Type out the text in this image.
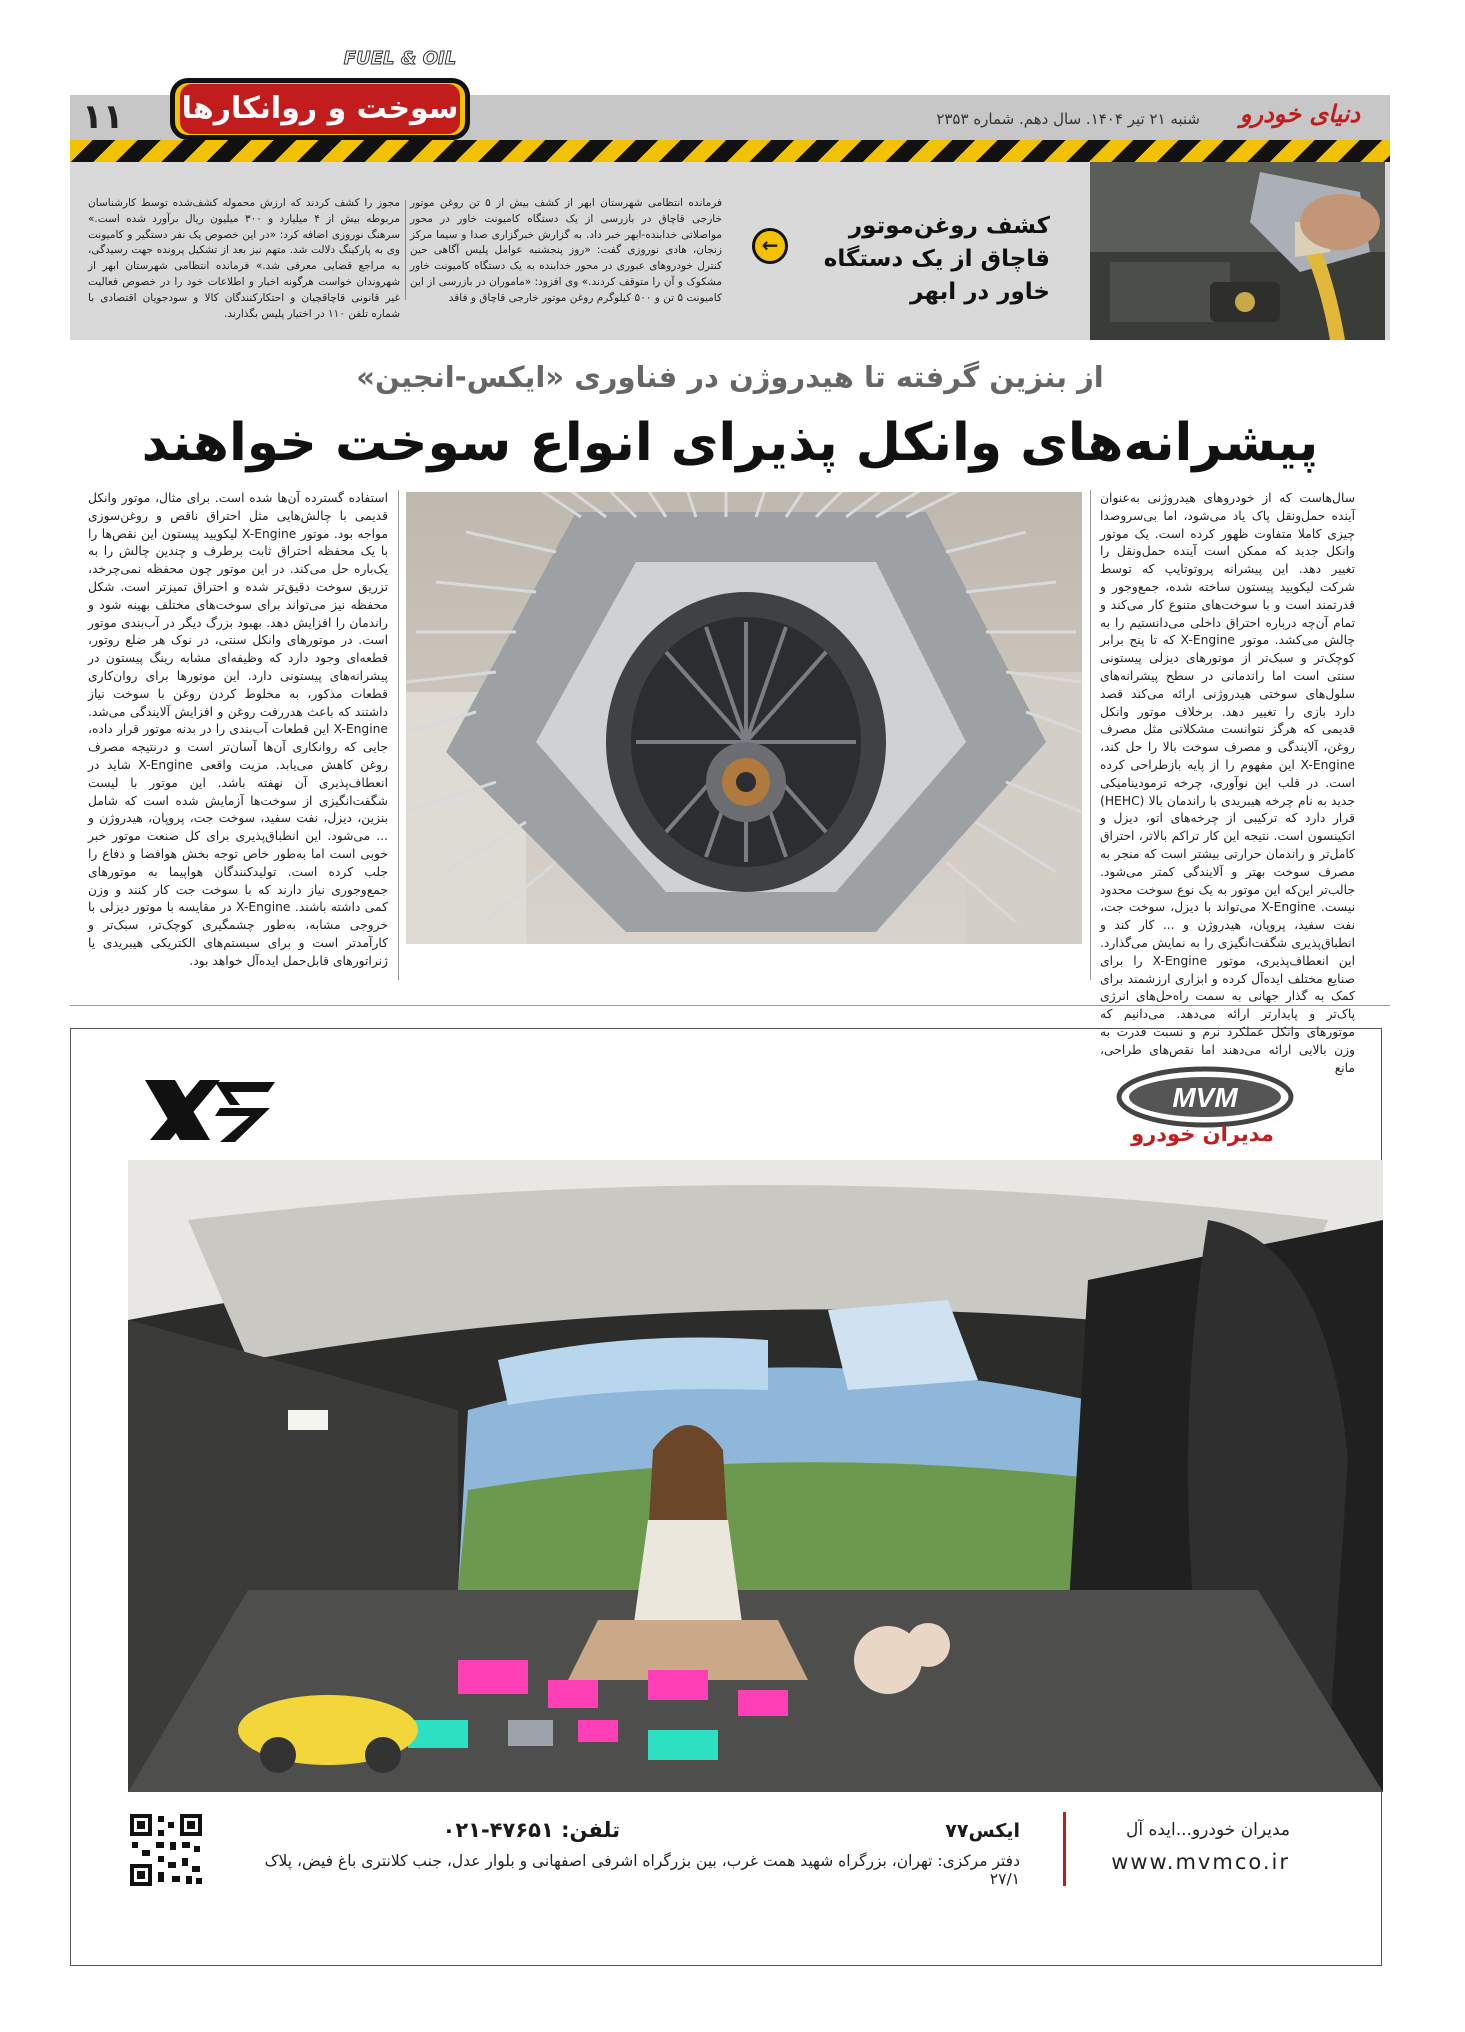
۱۱	سوخت و روانکارها
FUEL & OIL
شنبه ۲۱ تیر ۱۴۰۴. سال دهم. شماره ۲۳۵۳	دنیای خودرو
کشف روغن‌موتور قاچاق از یک دستگاه خاور در ابهر
←
فرمانده انتظامی شهرستان ابهر از کشف بیش از ۵ تن روغن موتور خارجی قاچاق در بازرسی از یک دستگاه کامیونت خاور در محور مواصلاتی خدابنده-ابهر خبر داد. به گزارش خبرگزاری صدا و سیما مرکز زنجان، هادی نوروزی گفت: «روز پنجشنبه عوامل پلیس آگاهی حین کنترل خودروهای عبوری در محور خدابنده به یک دستگاه کامیونت خاور مشکوک و آن را متوقف کردند.» وی افزود: «ماموران در بازرسی از این کامیونت ۵ تن و ۵۰۰ کیلوگرم روغن موتور خارجی قاچاق و فاقد
مجوز را کشف کردند که ارزش محموله کشف‌شده توسط کارشناسان مربوطه بیش از ۴ میلیارد و ۳۰۰ میلیون ریال برآورد شده است.» سرهنگ نوروزی اضافه کرد: «در این خصوص یک نفر دستگیر و کامیونت وی به پارکینگ دلالت شد. متهم نیز بعد از تشکیل پرونده جهت رسیدگی، به مراجع قضایی معرفی شد.» فرمانده انتظامی شهرستان ابهر از شهروندان خواست هرگونه اخبار و اطلاعات خود را در خصوص فعالیت غیر قانونی قاچاقچیان و احتکارکنندگان کالا و سودجویان اقتصادی با شماره تلفن ۱۱۰ در اختیار پلیس بگذارند.
از بنزین گرفته تا هیدروژن در فناوری «ایکس-انجین»
پیشرانه‌های وانکل پذیرای انواع سوخت خواهند
سال‌هاست که از خودروهای هیدروژنی به‌عنوان آینده حمل‌ونقل پاک یاد می‌شود، اما بی‌سروصدا چیزی کاملا متفاوت ظهور کرده است. یک موتور وانکل جدید که ممکن است آینده حمل‌ونقل را تغییر دهد. این پیشرانه پروتوتایپ که توسط شرکت لیکویید پیستون ساخته شده، جمع‌وجور و قدرتمند است و با سوخت‌های متنوع کار می‌کند و تمام آن‌چه درباره احتراق داخلی می‌دانستیم را به چالش می‌کشد. موتور X-Engine که تا پنج برابر کوچک‌تر و سبک‌تر از موتورهای دیزلی پیستونی سنتی است اما راندمانی در سطح پیشرانه‌های سلول‌های سوختی هیدروژنی ارائه می‌کند قصد دارد بازی را تغییر دهد. برخلاف موتور وانکل قدیمی که هرگز نتوانست مشکلاتی مثل مصرف روغن، آلایندگی و مصرف سوخت بالا را حل کند، X-Engine این مفهوم را از پایه بازطراحی کرده است. در قلب این نوآوری، چرخه ترمودینامیکی جدید به نام چرخه هیبریدی با راندمان بالا (HEHC) قرار دارد که ترکیبی از چرخه‌های اتو، دیزل و اتکینسون است. نتیجه این کار تراکم بالاتر، احتراق کامل‌تر و راندمان حرارتی بیشتر است که منجر به مصرف سوخت بهتر و آلایندگی کمتر می‌شود. جالب‌تر این‌که این موتور به یک نوع سوخت محدود نیست. X-Engine می‌تواند با دیزل، سوخت جت، نفت سفید، پروپان، هیدروژن و ... کار کند و انطباق‌پذیری شگفت‌انگیزی را به نمایش می‌گذارد. این انعطاف‌پذیری، موتور X-Engine را برای صنایع مختلف ایده‌آل کرده و ابزاری ارزشمند برای کمک به گذار جهانی به سمت راه‌حل‌های انرژی پاک‌تر و پایدارتر ارائه می‌دهد. می‌دانیم که موتورهای وانکل عملکرد نرم و نسبت قدرت به وزن بالایی ارائه می‌دهند اما نقص‌های طراحی، مانع
استفاده گسترده آن‌ها شده است. برای مثال، موتور وانکل قدیمی با چالش‌هایی مثل احتراق ناقص و روغن‌سوزی مواجه بود. موتور X-Engine لیکویید پیستون این نقص‌ها را با یک محفظه احتراق ثابت برطرف و چندین چالش را به یک‌باره حل می‌کند. در این موتور چون محفظه نمی‌چرخد، تزریق سوخت دقیق‌تر شده و احتراق تمیزتر است. شکل محفظه نیز می‌تواند برای سوخت‌های مختلف بهینه شود و راندمان را افزایش دهد. بهبود بزرگ دیگر در آب‌بندی موتور است. در موتورهای وانکل سنتی، در نوک هر ضلع روتور، قطعه‌ای وجود دارد که وظیفه‌ای مشابه رینگ پیستون در پیشرانه‌های پیستونی دارد. این موتورها برای روان‌کاری قطعات مذکور، به مخلوط کردن روغن با سوخت نیاز داشتند که باعث هدررفت روغن و افزایش آلایندگی می‌شد. X-Engine این قطعات آب‌بندی را در بدنه موتور قرار داده، جایی که روانکاری آن‌ها آسان‌تر است و درنتیجه مصرف روغن کاهش می‌یابد. مزیت واقعی X-Engine شاید در انعطاف‌پذیری آن نهفته باشد. این موتور با لیست شگفت‌انگیزی از سوخت‌ها آزمایش شده است که شامل بنزین، دیزل، نفت سفید، سوخت جت، پروپان، هیدروژن و ... می‌شود. این انطباق‌پذیری برای کل صنعت موتور خبر خوبی است اما به‌طور خاص توجه بخش هوافضا و دفاع را جلب کرده است. تولیدکنندگان هواپیما به موتورهای جمع‌وجوری نیاز دارند که با سوخت جت کار کنند و وزن کمی داشته باشند. X-Engine در مقایسه با موتور دیزلی با خروجی مشابه، به‌طور چشمگیری کوچک‌تر، سبک‌تر و کارآمدتر است و برای سیستم‌های الکتریکی هیبریدی یا ژنراتورهای قابل‌حمل ایده‌آل خواهد بود.
MVM
مدیران خودرو
مدیران خودرو...ایده آل
www.mvmco.ir
ایکس۷۷
تلفن: ۴۷۶۵۱-۰۲۱
دفتر مرکزی: تهران، بزرگراه شهید همت غرب، بین بزرگراه اشرفی اصفهانی و بلوار عدل، جنب کلانتری باغ فیض، پلاک ۲۷/۱
